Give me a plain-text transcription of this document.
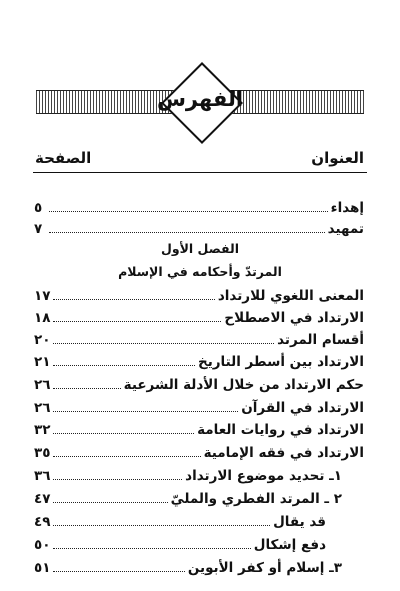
الفهرس
العنوان
الصفحة
إهداء
٥
تمهيد
٧
الفصل الأول
المرتدّ وأحكامه في الإسلام
المعنى اللغوي للارتداد
١٧
الارتداد في الاصطلاح
١٨
أقسام المرتد
٢٠
الارتداد بين أسطر التاريخ
٢١
حكم الارتداد من خلال الأدلة الشرعية
٢٦
الارتداد في القرآن
٢٦
الارتداد في روايات العامة
٣٢
الارتداد في فقه الإمامية
٣٥
١ـ تحديد موضوع الارتداد
٣٦
٢ ـ المرتد الفطري والمليّ
٤٧
قد يقال
٤٩
دفع إشكال
٥٠
٣ـ إسلام أو كفر الأبوين
٥١
